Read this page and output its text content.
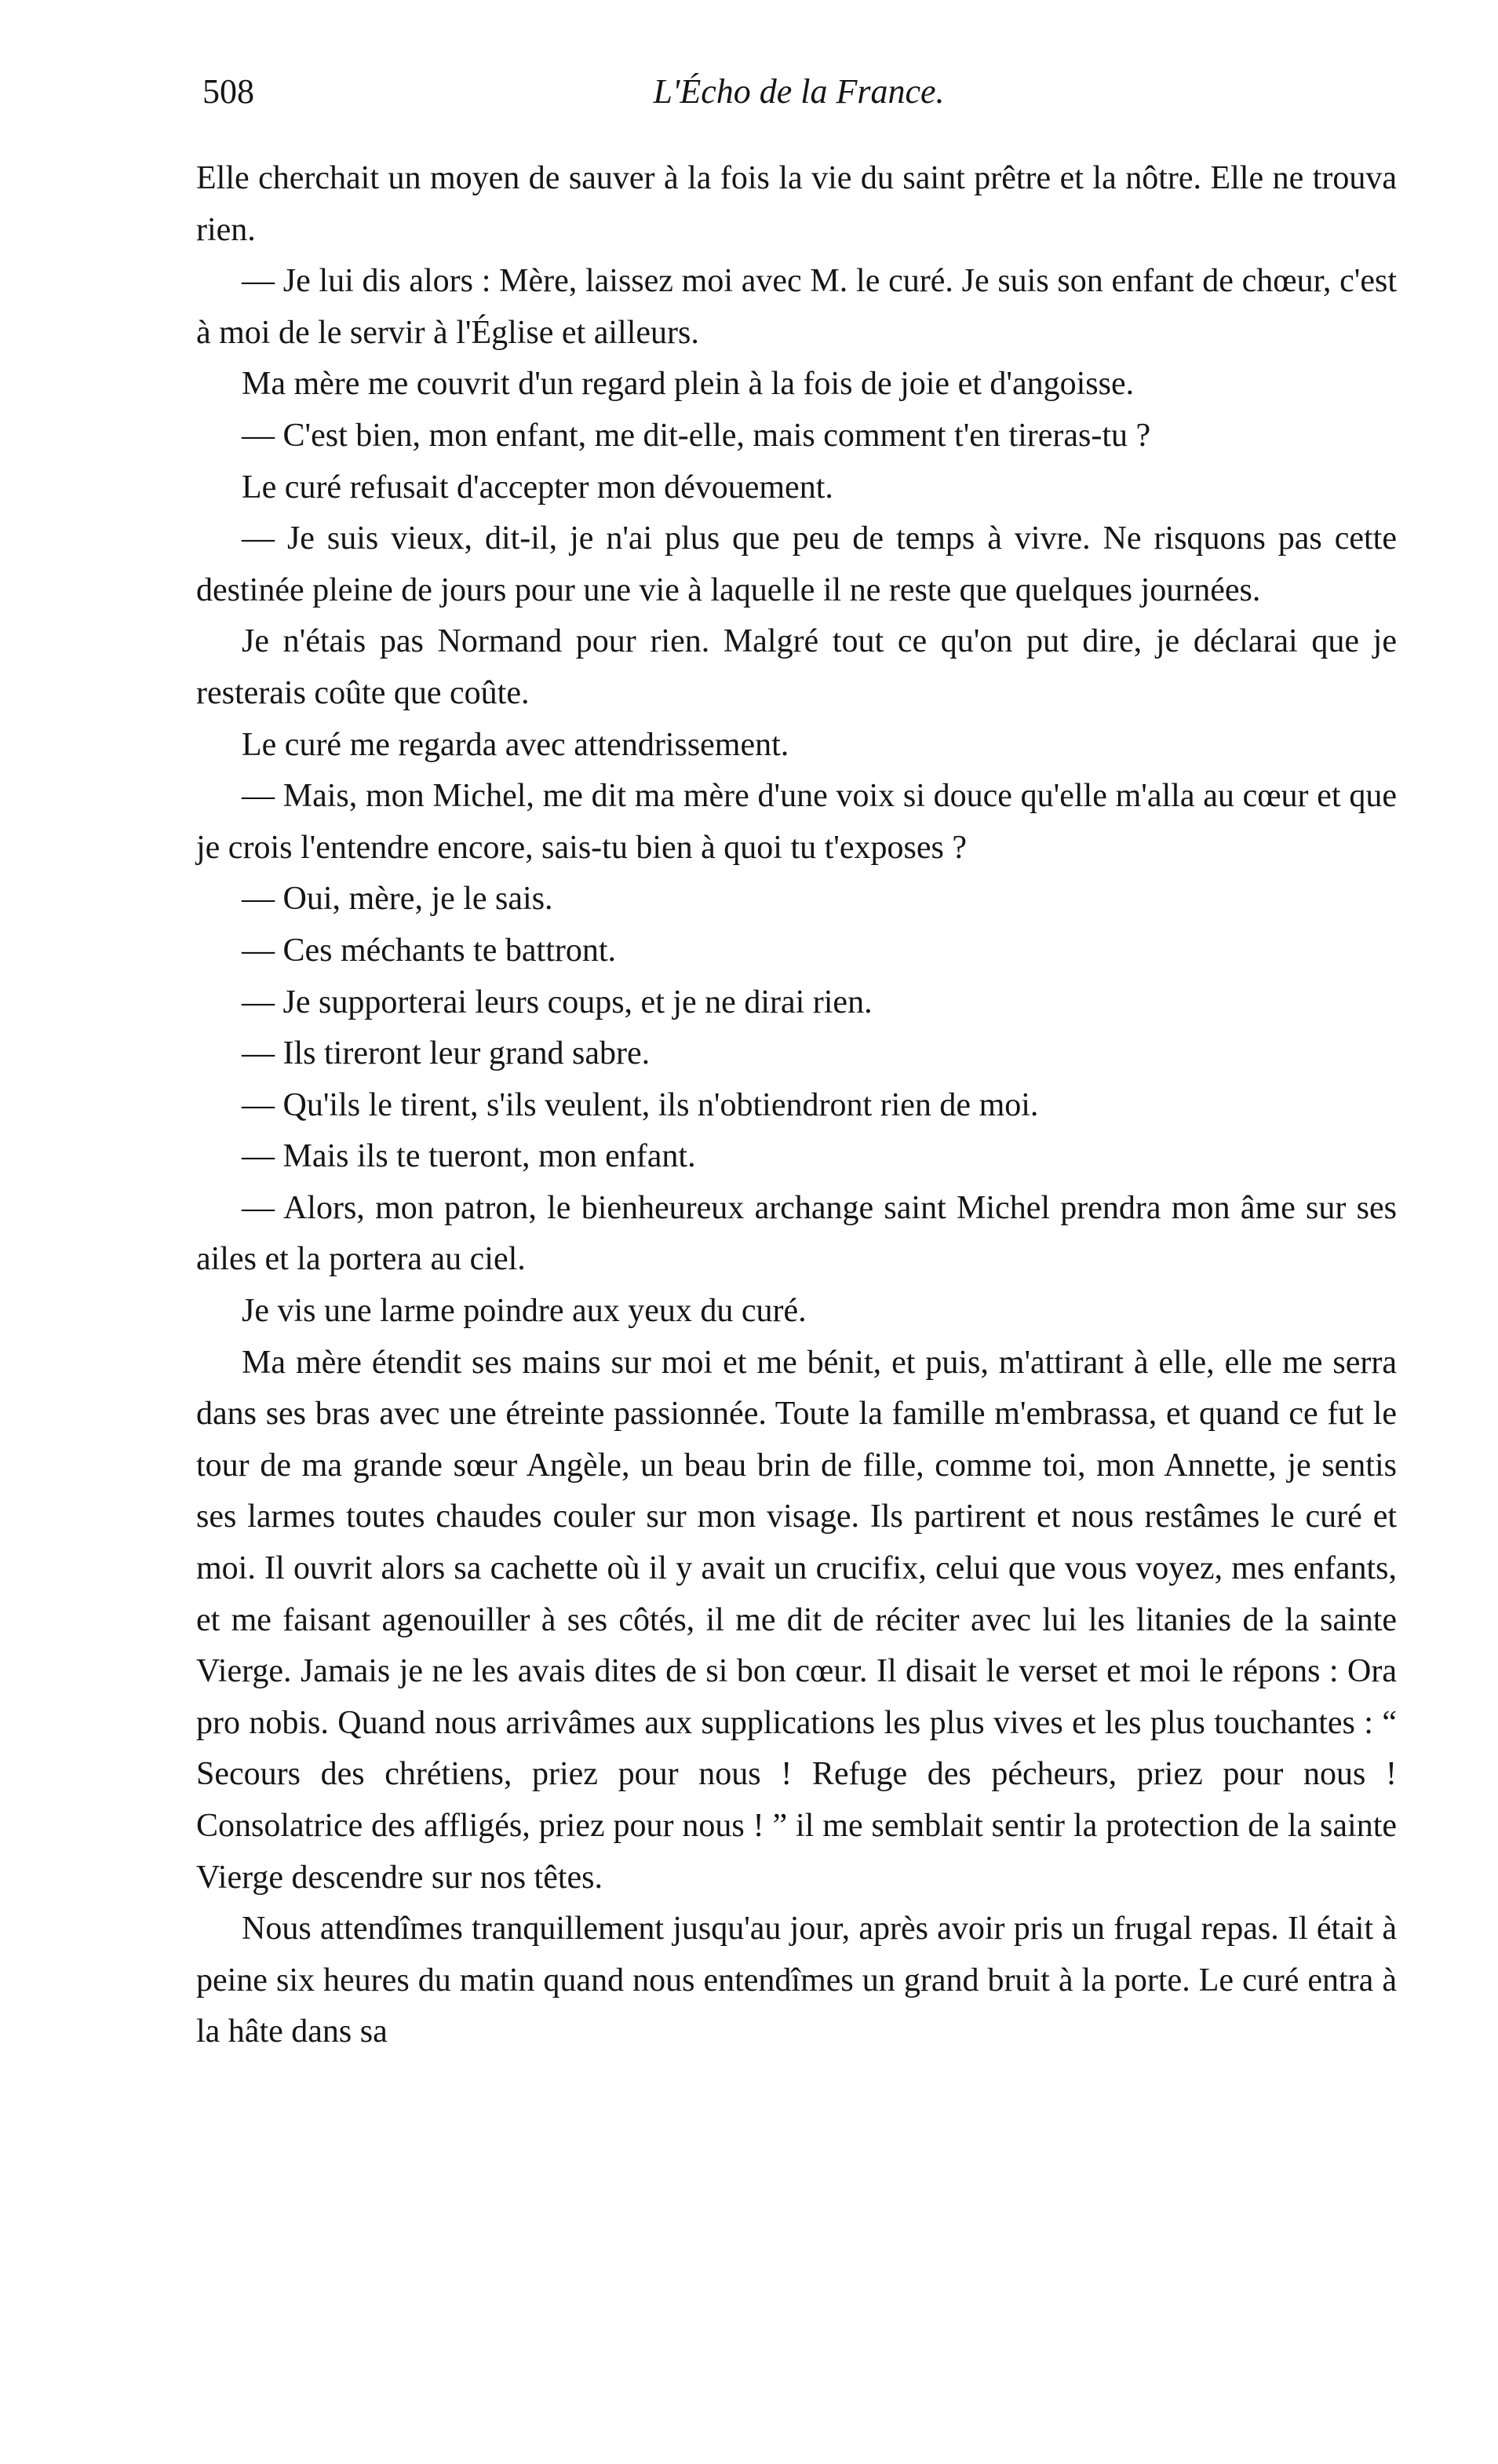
508	L'Écho de la France.

Elle cherchait un moyen de sauver à la fois la vie du saint prêtre et la nôtre. Elle ne trouva rien.

— Je lui dis alors : Mère, laissez moi avec M. le curé. Je suis son enfant de chœur, c'est à moi de le servir à l'Église et ailleurs.

Ma mère me couvrit d'un regard plein à la fois de joie et d'angoisse.

— C'est bien, mon enfant, me dit-elle, mais comment t'en tireras-tu ?

Le curé refusait d'accepter mon dévouement.

— Je suis vieux, dit-il, je n'ai plus que peu de temps à vivre. Ne risquons pas cette destinée pleine de jours pour une vie à laquelle il ne reste que quelques journées.

Je n'étais pas Normand pour rien. Malgré tout ce qu'on put dire, je déclarai que je resterais coûte que coûte.

Le curé me regarda avec attendrissement.

— Mais, mon Michel, me dit ma mère d'une voix si douce qu'elle m'alla au cœur et que je crois l'entendre encore, sais-tu bien à quoi tu t'exposes ?

— Oui, mère, je le sais.

— Ces méchants te battront.

— Je supporterai leurs coups, et je ne dirai rien.

— Ils tireront leur grand sabre.

— Qu'ils le tirent, s'ils veulent, ils n'obtiendront rien de moi.

— Mais ils te tueront, mon enfant.

— Alors, mon patron, le bienheureux archange saint Michel prendra mon âme sur ses ailes et la portera au ciel.

Je vis une larme poindre aux yeux du curé.

Ma mère étendit ses mains sur moi et me bénit, et puis, m'attirant à elle, elle me serra dans ses bras avec une étreinte passionnée. Toute la famille m'embrassa, et quand ce fut le tour de ma grande sœur Angèle, un beau brin de fille, comme toi, mon Annette, je sentis ses larmes toutes chaudes couler sur mon visage. Ils partirent et nous restâmes le curé et moi. Il ouvrit alors sa cachette où il y avait un crucifix, celui que vous voyez, mes enfants, et me faisant agenouiller à ses côtés, il me dit de réciter avec lui les litanies de la sainte Vierge. Jamais je ne les avais dites de si bon cœur. Il disait le verset et moi le répons : Ora pro nobis. Quand nous arrivâmes aux supplications les plus vives et les plus touchantes : “ Secours des chrétiens, priez pour nous ! Refuge des pécheurs, priez pour nous ! Consolatrice des affligés, priez pour nous ! ” il me semblait sentir la protection de la sainte Vierge descendre sur nos têtes.

Nous attendîmes tranquillement jusqu'au jour, après avoir pris un frugal repas. Il était à peine six heures du matin quand nous entendîmes un grand bruit à la porte. Le curé entra à la hâte dans sa
